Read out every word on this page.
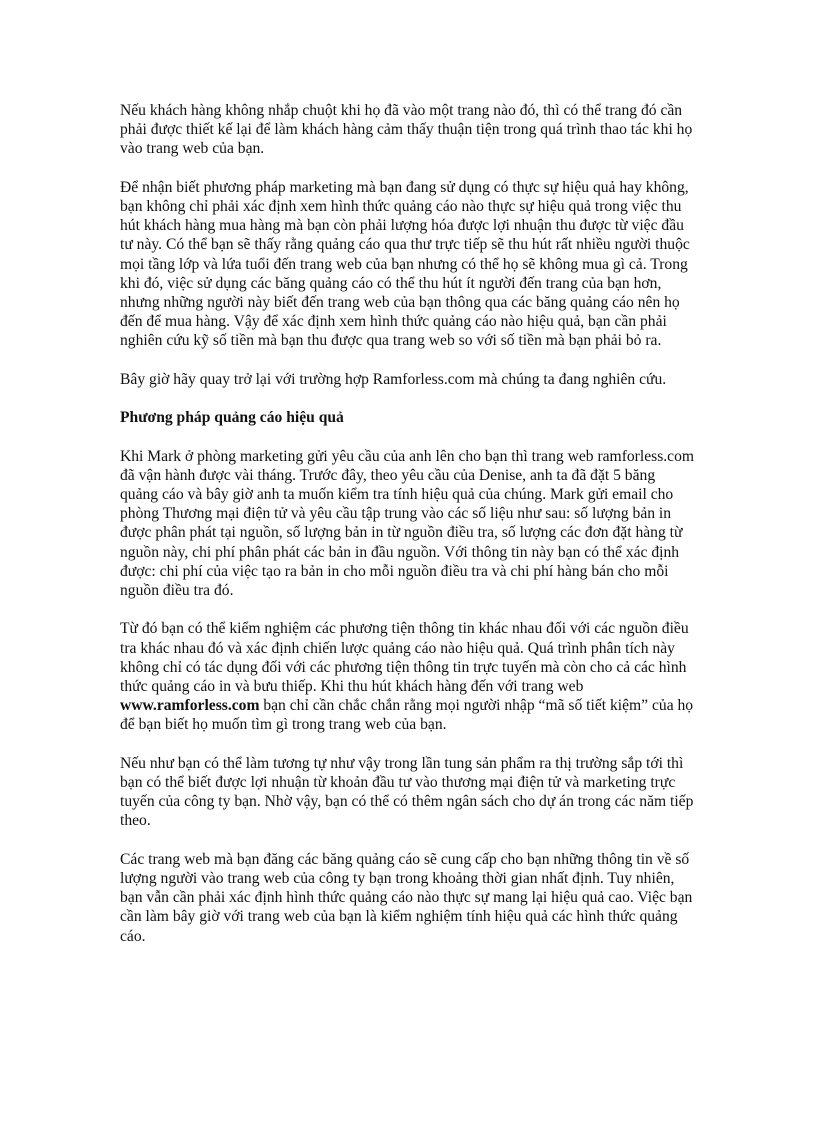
Nếu khách hàng không nhắp chuột khi họ đã vào một trang nào đó, thì có thể trang đó cần phải được thiết kế lại để làm khách hàng cảm thấy thuận tiện trong quá trình thao tác khi họ vào trang web của bạn.

Để nhận biết phương pháp marketing mà bạn đang sử dụng có thực sự hiệu quả hay không, bạn không chỉ phải xác định xem hình thức quảng cáo nào thực sự hiệu quả trong việc thu hút khách hàng mua hàng mà bạn còn phải lượng hóa được lợi nhuận thu được từ việc đầu tư này. Có thể bạn sẽ thấy rằng quảng cáo qua thư trực tiếp sẽ thu hút rất nhiều người thuộc mọi tầng lớp và lứa tuổi đến trang web của bạn nhưng có thể họ sẽ không mua gì cả. Trong khi đó, việc sử dụng các băng quảng cáo có thể thu hút ít người đến trang của bạn hơn, nhưng những người này biết đến trang web của bạn thông qua các băng quảng cáo nên họ đến để mua hàng. Vậy để xác định xem hình thức quảng cáo nào hiệu quả, bạn cần phải nghiên cứu kỹ số tiền mà bạn thu được qua trang web so với số tiền mà bạn phải bỏ ra.

Bây giờ hãy quay trở lại với trường hợp Ramforless.com mà chúng ta đang nghiên cứu.

Phương pháp quảng cáo hiệu quả

Khi Mark ở phòng marketing gửi yêu cầu của anh lên cho bạn thì trang web ramforless.com đã vận hành được vài tháng. Trước đây, theo yêu cầu của Denise, anh ta đã đặt 5 băng quảng cáo và bây giờ anh ta muốn kiểm tra tính hiệu quả của chúng. Mark gửi email cho phòng Thương mại điện tử và yêu cầu tập trung vào các số liệu như sau: số lượng bản in được phân phát tại nguồn, số lượng bản in từ nguồn điều tra, số lượng các đơn đặt hàng từ nguồn này, chi phí phân phát các bản in đầu nguồn. Với thông tin này bạn có thể xác định được: chi phí của việc tạo ra bản in cho mỗi nguồn điều tra và chi phí hàng bán cho mỗi nguồn điều tra đó.

Từ đó bạn có thể kiểm nghiệm các phương tiện thông tin khác nhau đối với các nguồn điều tra khác nhau đó và xác định chiến lược quảng cáo nào hiệu quả. Quá trình phân tích này không chỉ có tác dụng đối với các phương tiện thông tin trực tuyến mà còn cho cả các hình thức quảng cáo in và bưu thiếp. Khi thu hút khách hàng đến với trang web www.ramforless.com bạn chỉ cần chắc chắn rằng mọi người nhập “mã số tiết kiệm” của họ để bạn biết họ muốn tìm gì trong trang web của bạn.

Nếu như bạn có thể làm tương tự như vậy trong lần tung sản phẩm ra thị trường sắp tới thì bạn có thể biết được lợi nhuận từ khoản đầu tư vào thương mại điện tử và marketing trực tuyến của công ty bạn. Nhờ vậy, bạn có thể có thêm ngân sách cho dự án trong các năm tiếp theo.

Các trang web mà bạn đăng các băng quảng cáo sẽ cung cấp cho bạn những thông tin về số lượng người vào trang web của công ty bạn trong khoảng thời gian nhất định. Tuy nhiên, bạn vẫn cần phải xác định hình thức quảng cáo nào thực sự mang lại hiệu quả cao. Việc bạn cần làm bây giờ với trang web của bạn là kiểm nghiệm tính hiệu quả các hình thức quảng cáo.
